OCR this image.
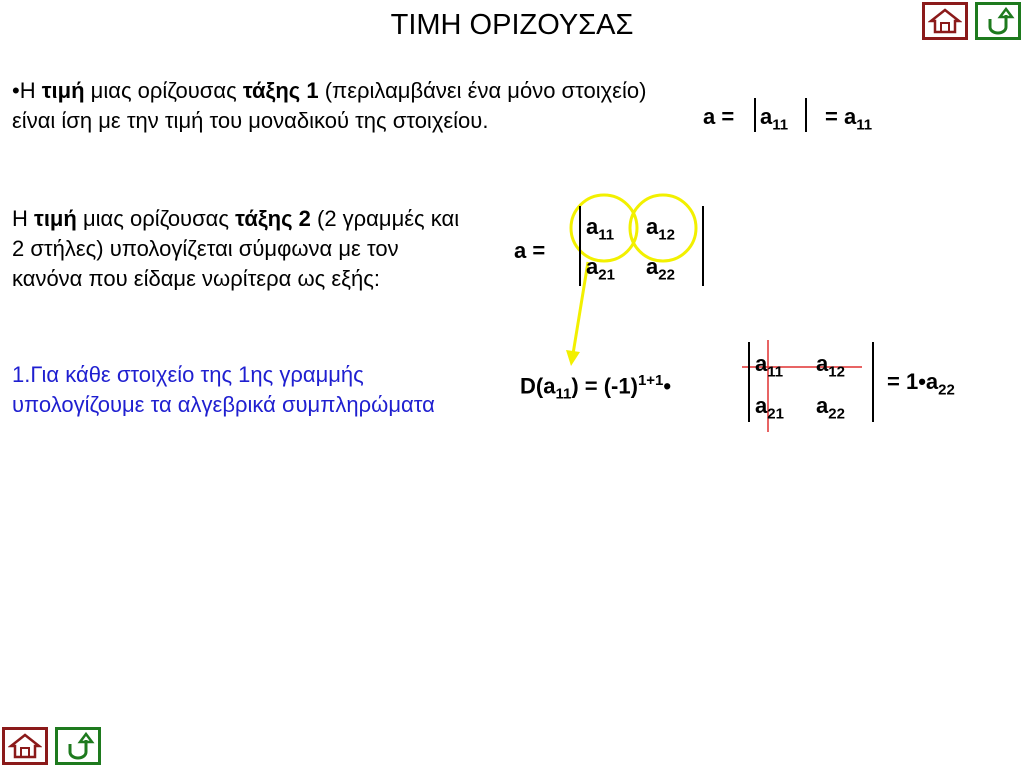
ΤΙΜΗ ΟΡΙΖΟΥΣΑΣ

•Η τιμή μιας ορίζουσας τάξης 1 (περιλαμβάνει ένα μόνο στοιχείο) είναι ίση με την τιμή του μοναδικού της στοιχείου.	$a = a_{11} = a_{11}$

Η τιμή μιας ορίζουσας τάξης 2 (2 γραμμές και 2 στήλες) υπολογίζεται σύμφωνα με τον κανόνα που είδαμε νωρίτερα ως εξής:

a =
$a_{11}$ $a_{12}$
$a_{21}$ $a_{22}$

1.Για κάθε στοιχείο της 1ης γραμμής υπολογίζουμε τα αλγεβρικά συμπληρώματα

$D(a_{11})$ = $(-1)^{1+1}•$
$a_{11}$ $a_{12}$
$a_{21}$ $a_{22}$
= $1•a_{22}$
